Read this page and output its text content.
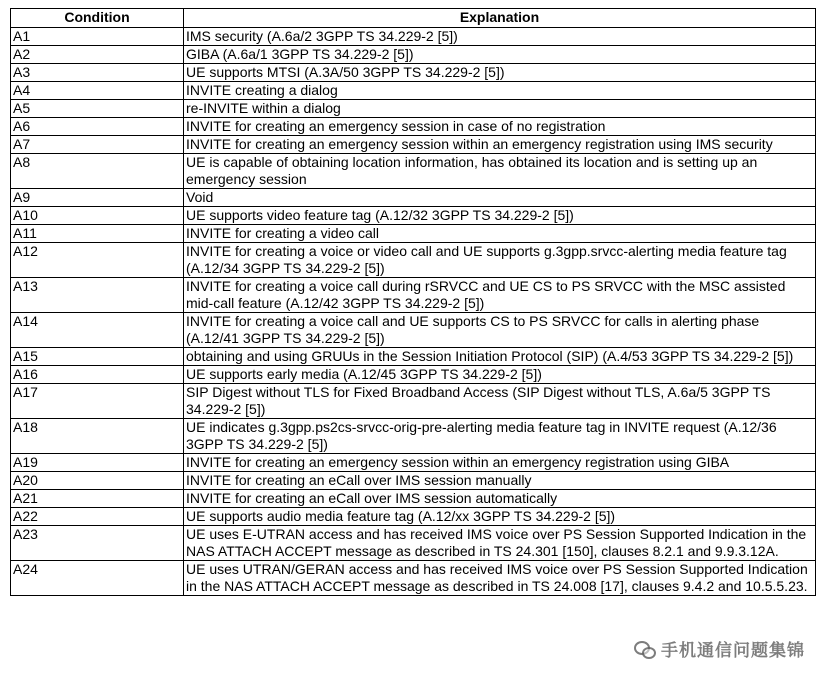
Condition	Explanation
A1	IMS security (A.6a/2 3GPP TS 34.229-2 [5])
A2	GIBA (A.6a/1 3GPP TS 34.229-2 [5])
A3	UE supports MTSI (A.3A/50 3GPP TS 34.229-2 [5])
A4	INVITE creating a dialog
A5	re-INVITE within a dialog
A6	INVITE for creating an emergency session in case of no registration
A7	INVITE for creating an emergency session within an emergency registration using IMS security
A8	UE is capable of obtaining location information, has obtained its location and is setting up an emergency session
A9	Void
A10	UE supports video feature tag (A.12/32 3GPP TS 34.229-2 [5])
A11	INVITE for creating a video call
A12	INVITE for creating a voice or video call and UE supports g.3gpp.srvcc-alerting media feature tag (A.12/34 3GPP TS 34.229-2 [5])
A13	INVITE for creating a voice call during rSRVCC and UE CS to PS SRVCC with the MSC assisted mid-call feature (A.12/42 3GPP TS 34.229-2 [5])
A14	INVITE for creating a voice call and UE supports CS to PS SRVCC for calls in alerting phase (A.12/41 3GPP TS 34.229-2 [5])
A15	obtaining and using GRUUs in the Session Initiation Protocol (SIP) (A.4/53 3GPP TS 34.229-2 [5])
A16	UE supports early media (A.12/45 3GPP TS 34.229-2 [5])
A17	SIP Digest without TLS for Fixed Broadband Access (SIP Digest without TLS, A.6a/5 3GPP TS 34.229-2 [5])
A18	UE indicates g.3gpp.ps2cs-srvcc-orig-pre-alerting media feature tag in INVITE request (A.12/36 3GPP TS 34.229-2 [5])
A19	INVITE for creating an emergency session within an emergency registration using GIBA
A20	INVITE for creating an eCall over IMS session manually
A21	INVITE for creating an eCall over IMS session automatically
A22	UE supports audio media feature tag (A.12/xx 3GPP TS 34.229-2 [5])
A23	UE uses E-UTRAN access and has received IMS voice over PS Session Supported Indication in the NAS ATTACH ACCEPT message as described in TS 24.301 [150], clauses 8.2.1 and 9.9.3.12A.
A24	UE uses UTRAN/GERAN access and has received IMS voice over PS Session Supported Indication in the NAS ATTACH ACCEPT message as described in TS 24.008 [17], clauses 9.4.2 and 10.5.5.23.
手机通信问题集锦
